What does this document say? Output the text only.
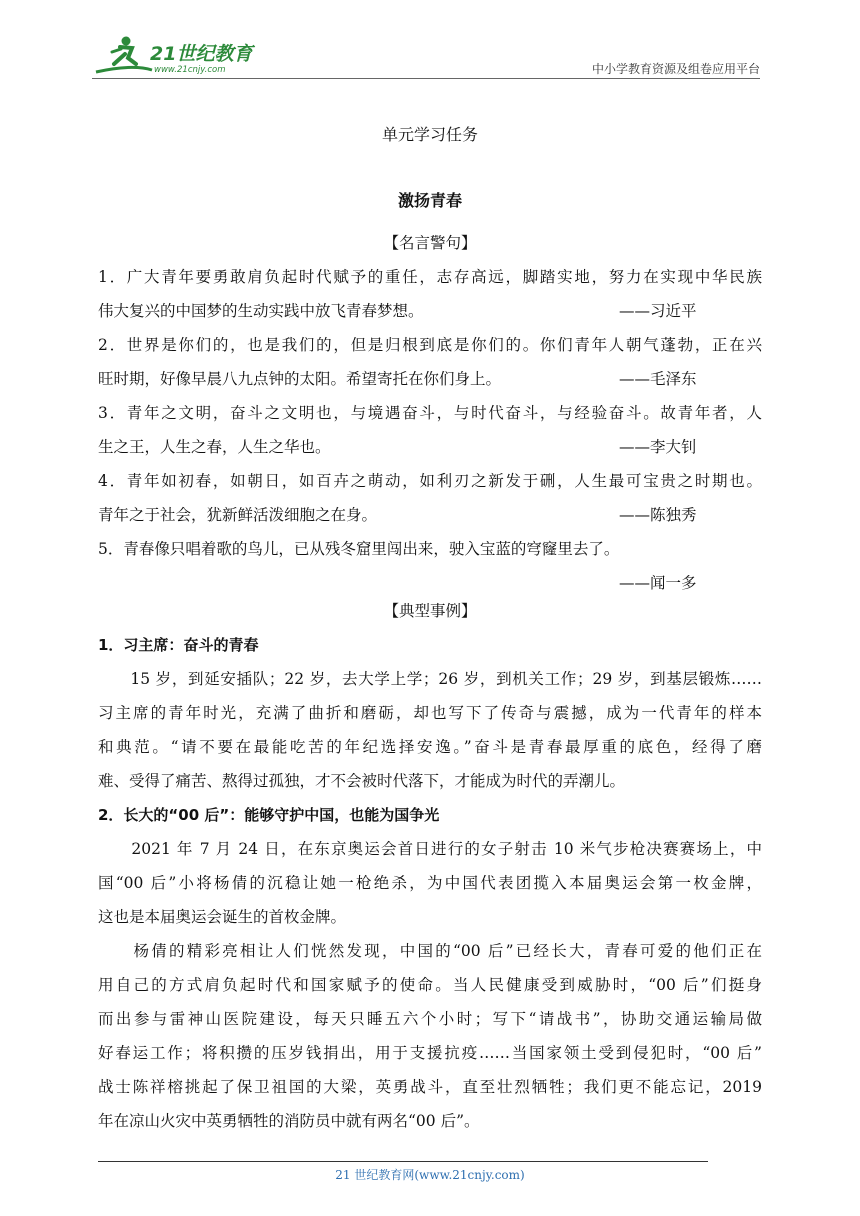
21世纪教育
www.21cnjy.com	中小学教育资源及组卷应用平台
单元学习任务
激扬青春
【名言警句】
1．广大青年要勇敢肩负起时代赋予的重任，志存高远，脚踏实地，努力在实现中华民族
伟大复兴的中国梦的生动实践中放飞青春梦想。	——习近平
2．世界是你们的，也是我们的，但是归根到底是你们的。你们青年人朝气蓬勃，正在兴
旺时期，好像早晨八九点钟的太阳。希望寄托在你们身上。	——毛泽东
3．青年之文明，奋斗之文明也，与境遇奋斗，与时代奋斗，与经验奋斗。故青年者，人
生之王，人生之春，人生之华也。	——李大钊
4．青年如初春，如朝日，如百卉之萌动，如利刃之新发于硎，人生最可宝贵之时期也。
青年之于社会，犹新鲜活泼细胞之在身。	——陈独秀
5．青春像只唱着歌的鸟儿，已从残冬窟里闯出来，驶入宝蓝的穹窿里去了。
——闻一多
【典型事例】
1．习主席：奋斗的青春
　　15 岁，到延安插队；22 岁，去大学上学；26 岁，到机关工作；29 岁，到基层锻炼……
习主席的青年时光，充满了曲折和磨砺，却也写下了传奇与震撼，成为一代青年的样本
和典范。“请不要在最能吃苦的年纪选择安逸。”奋斗是青春最厚重的底色，经得了磨
难、受得了痛苦、熬得过孤独，才不会被时代落下，才能成为时代的弄潮儿。
2．长大的“00 后”：能够守护中国，也能为国争光
　　2021 年 7 月 24 日，在东京奥运会首日进行的女子射击 10 米气步枪决赛赛场上，中
国“00 后”小将杨倩的沉稳让她一枪绝杀，为中国代表团揽入本届奥运会第一枚金牌，
这也是本届奥运会诞生的首枚金牌。
　　杨倩的精彩亮相让人们恍然发现，中国的“00 后”已经长大，青春可爱的他们正在
用自己的方式肩负起时代和国家赋予的使命。当人民健康受到威胁时，“00 后”们挺身
而出参与雷神山医院建设，每天只睡五六个小时；写下“请战书”，协助交通运输局做
好春运工作；将积攒的压岁钱捐出，用于支援抗疫……当国家领土受到侵犯时，“00 后”
战士陈祥榕挑起了保卫祖国的大梁，英勇战斗，直至壮烈牺牲；我们更不能忘记，2019
年在凉山火灾中英勇牺牲的消防员中就有两名“00 后”。
21 世纪教育网(www.21cnjy.com)
